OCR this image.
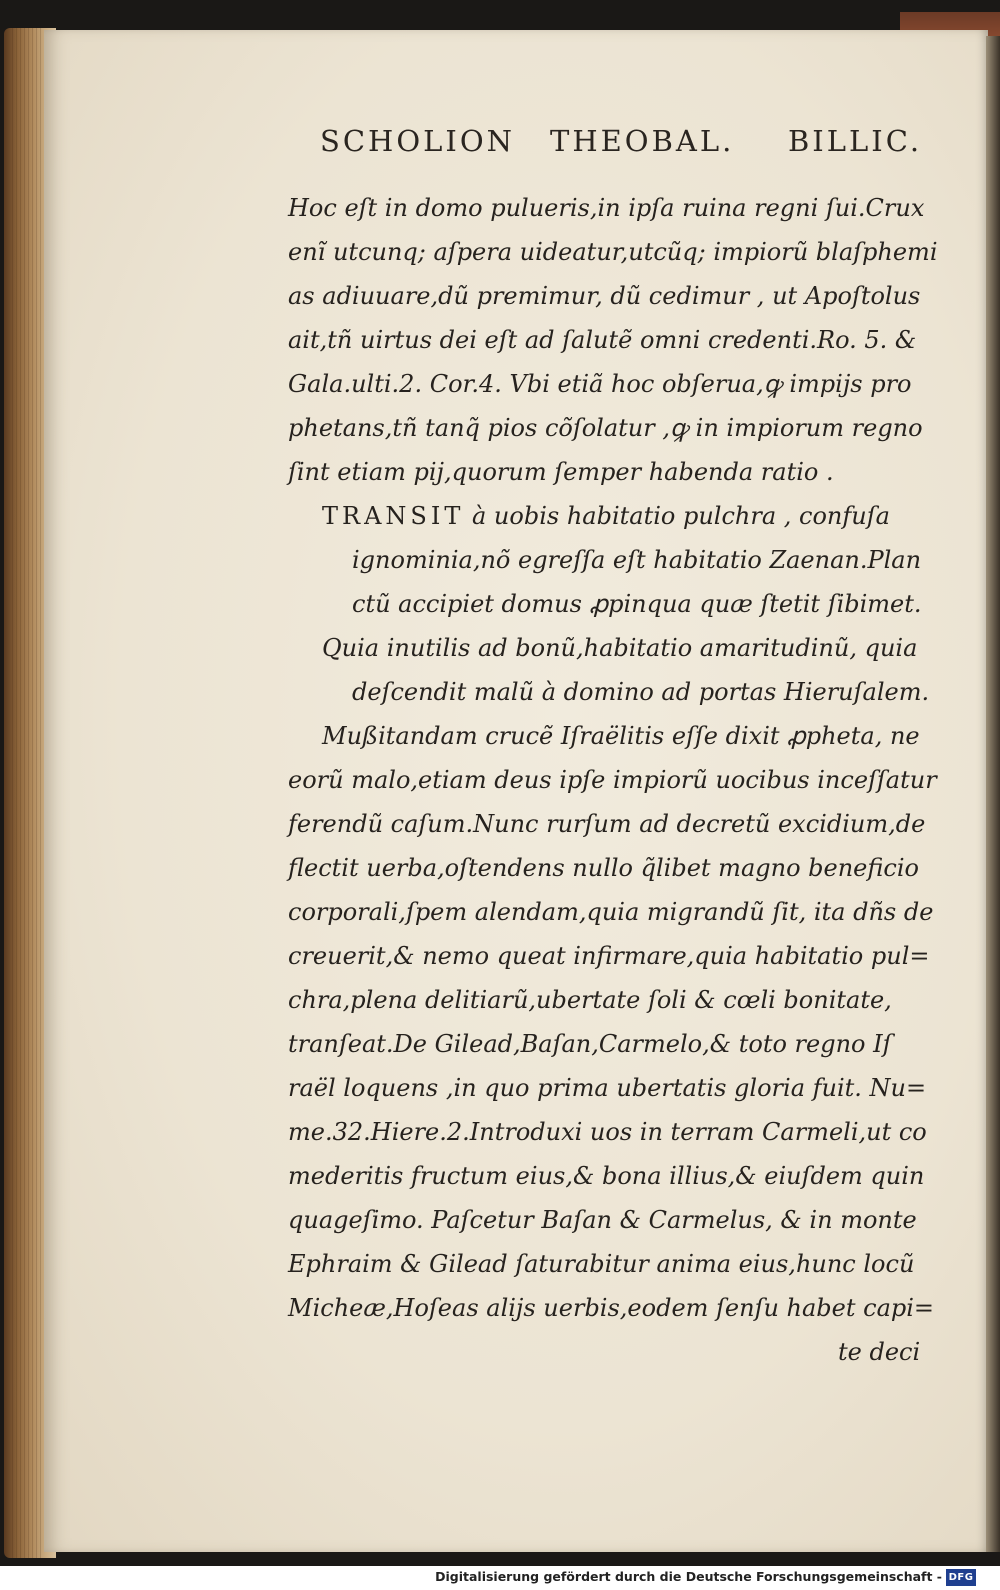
SCHOLION THEOBAL. BILLIC.
Hoc eſt in domo pulueris,in ipſa ruina regni ſui.Crux
enĩ utcunq; aſpera uideatur,utcũq; impiorũ blaſphemi
as adiuuare,dũ premimur, dũ cedimur , ut Apoſtolus
ait,tñ uirtus dei eſt ad ſalutẽ omni credenti.Ro. 5. &
Gala.ulti.2. Cor.4. Vbi etiã hoc obſerua,ꝙ impijs pro
phetans,tñ tanq̃ pios cõſolatur ,ꝙ in impiorum regno
ſint etiam pij,quorum ſemper habenda ratio .
TRANSIT à uobis habitatio pulchra , confuſa
ignominia,nõ egreſſa eſt habitatio Zaenan.Plan
ctũ accipiet domus ꝓpinqua quæ ſtetit ſibimet.
Quia inutilis ad bonũ,habitatio amaritudinũ, quia
deſcendit malũ à domino ad portas Hieruſalem.
Mußitandam crucẽ Iſraëlitis eſſe dixit ꝓpheta, ne
eorũ malo,etiam deus ipſe impiorũ uocibus inceſſatur
ferendũ caſum.Nunc rurſum ad decretũ excidium,de
flectit uerba,oſtendens nullo q̃libet magno beneficio
corporali,ſpem alendam,quia migrandũ ſit, ita dñs de
creuerit,& nemo queat infirmare,quia habitatio pul=
chra,plena delitiarũ,ubertate ſoli & cœli bonitate,
tranſeat.De Gilead,Baſan,Carmelo,& toto regno Iſ
raël loquens ,in quo prima ubertatis gloria fuit. Nu=
me.32.Hiere.2.Introduxi uos in terram Carmeli,ut co
mederitis fructum eius,& bona illius,& eiuſdem quin
quageſimo. Paſcetur Baſan & Carmelus, & in monte
Ephraim & Gilead ſaturabitur anima eius,hunc locũ
Micheæ,Hoſeas alijs uerbis,eodem ſenſu habet capi=
te deci
Digitalisierung gefördert durch die Deutsche Forschungsgemeinschaft - DFG
